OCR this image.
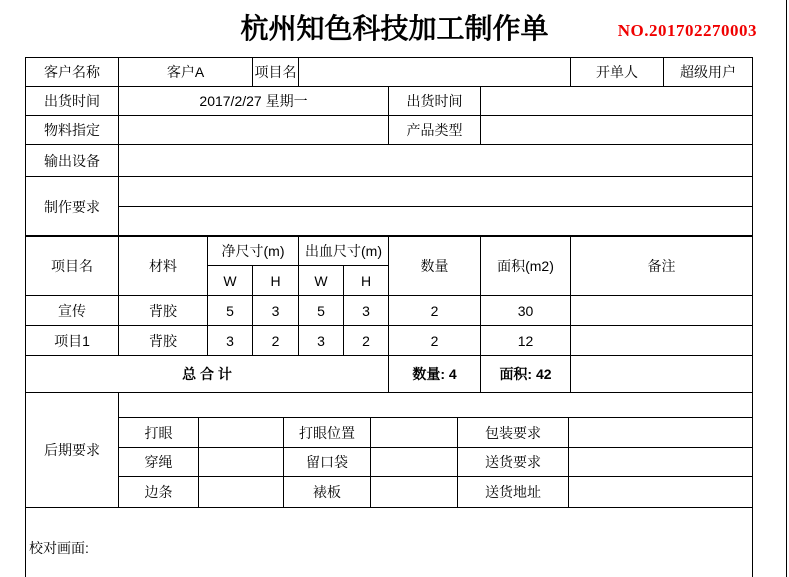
杭州知色科技加工制作单	NO.201702270003
客户名称	客户A	项目名				开单人	超级用户
出货时间	2017/2/27 星期一			出货时间			
物料指定				产品类型			
输出设备							
制作要求							

项目名	材料	净尺寸(m)		出血尺寸(m)		数量	面积(m2)	备注
		W	H	W	H			
宣传	背胶	5	3	5	3	2	30	
项目1	背胶	3	2	3	2	2	12	
总 合 计						数量: 4	面积: 42	
后期要求						
	打眼		打眼位置		包装要求	
	穿绳		留口袋		送货要求	
	边条		裱板		送货地址	
校对画面:
